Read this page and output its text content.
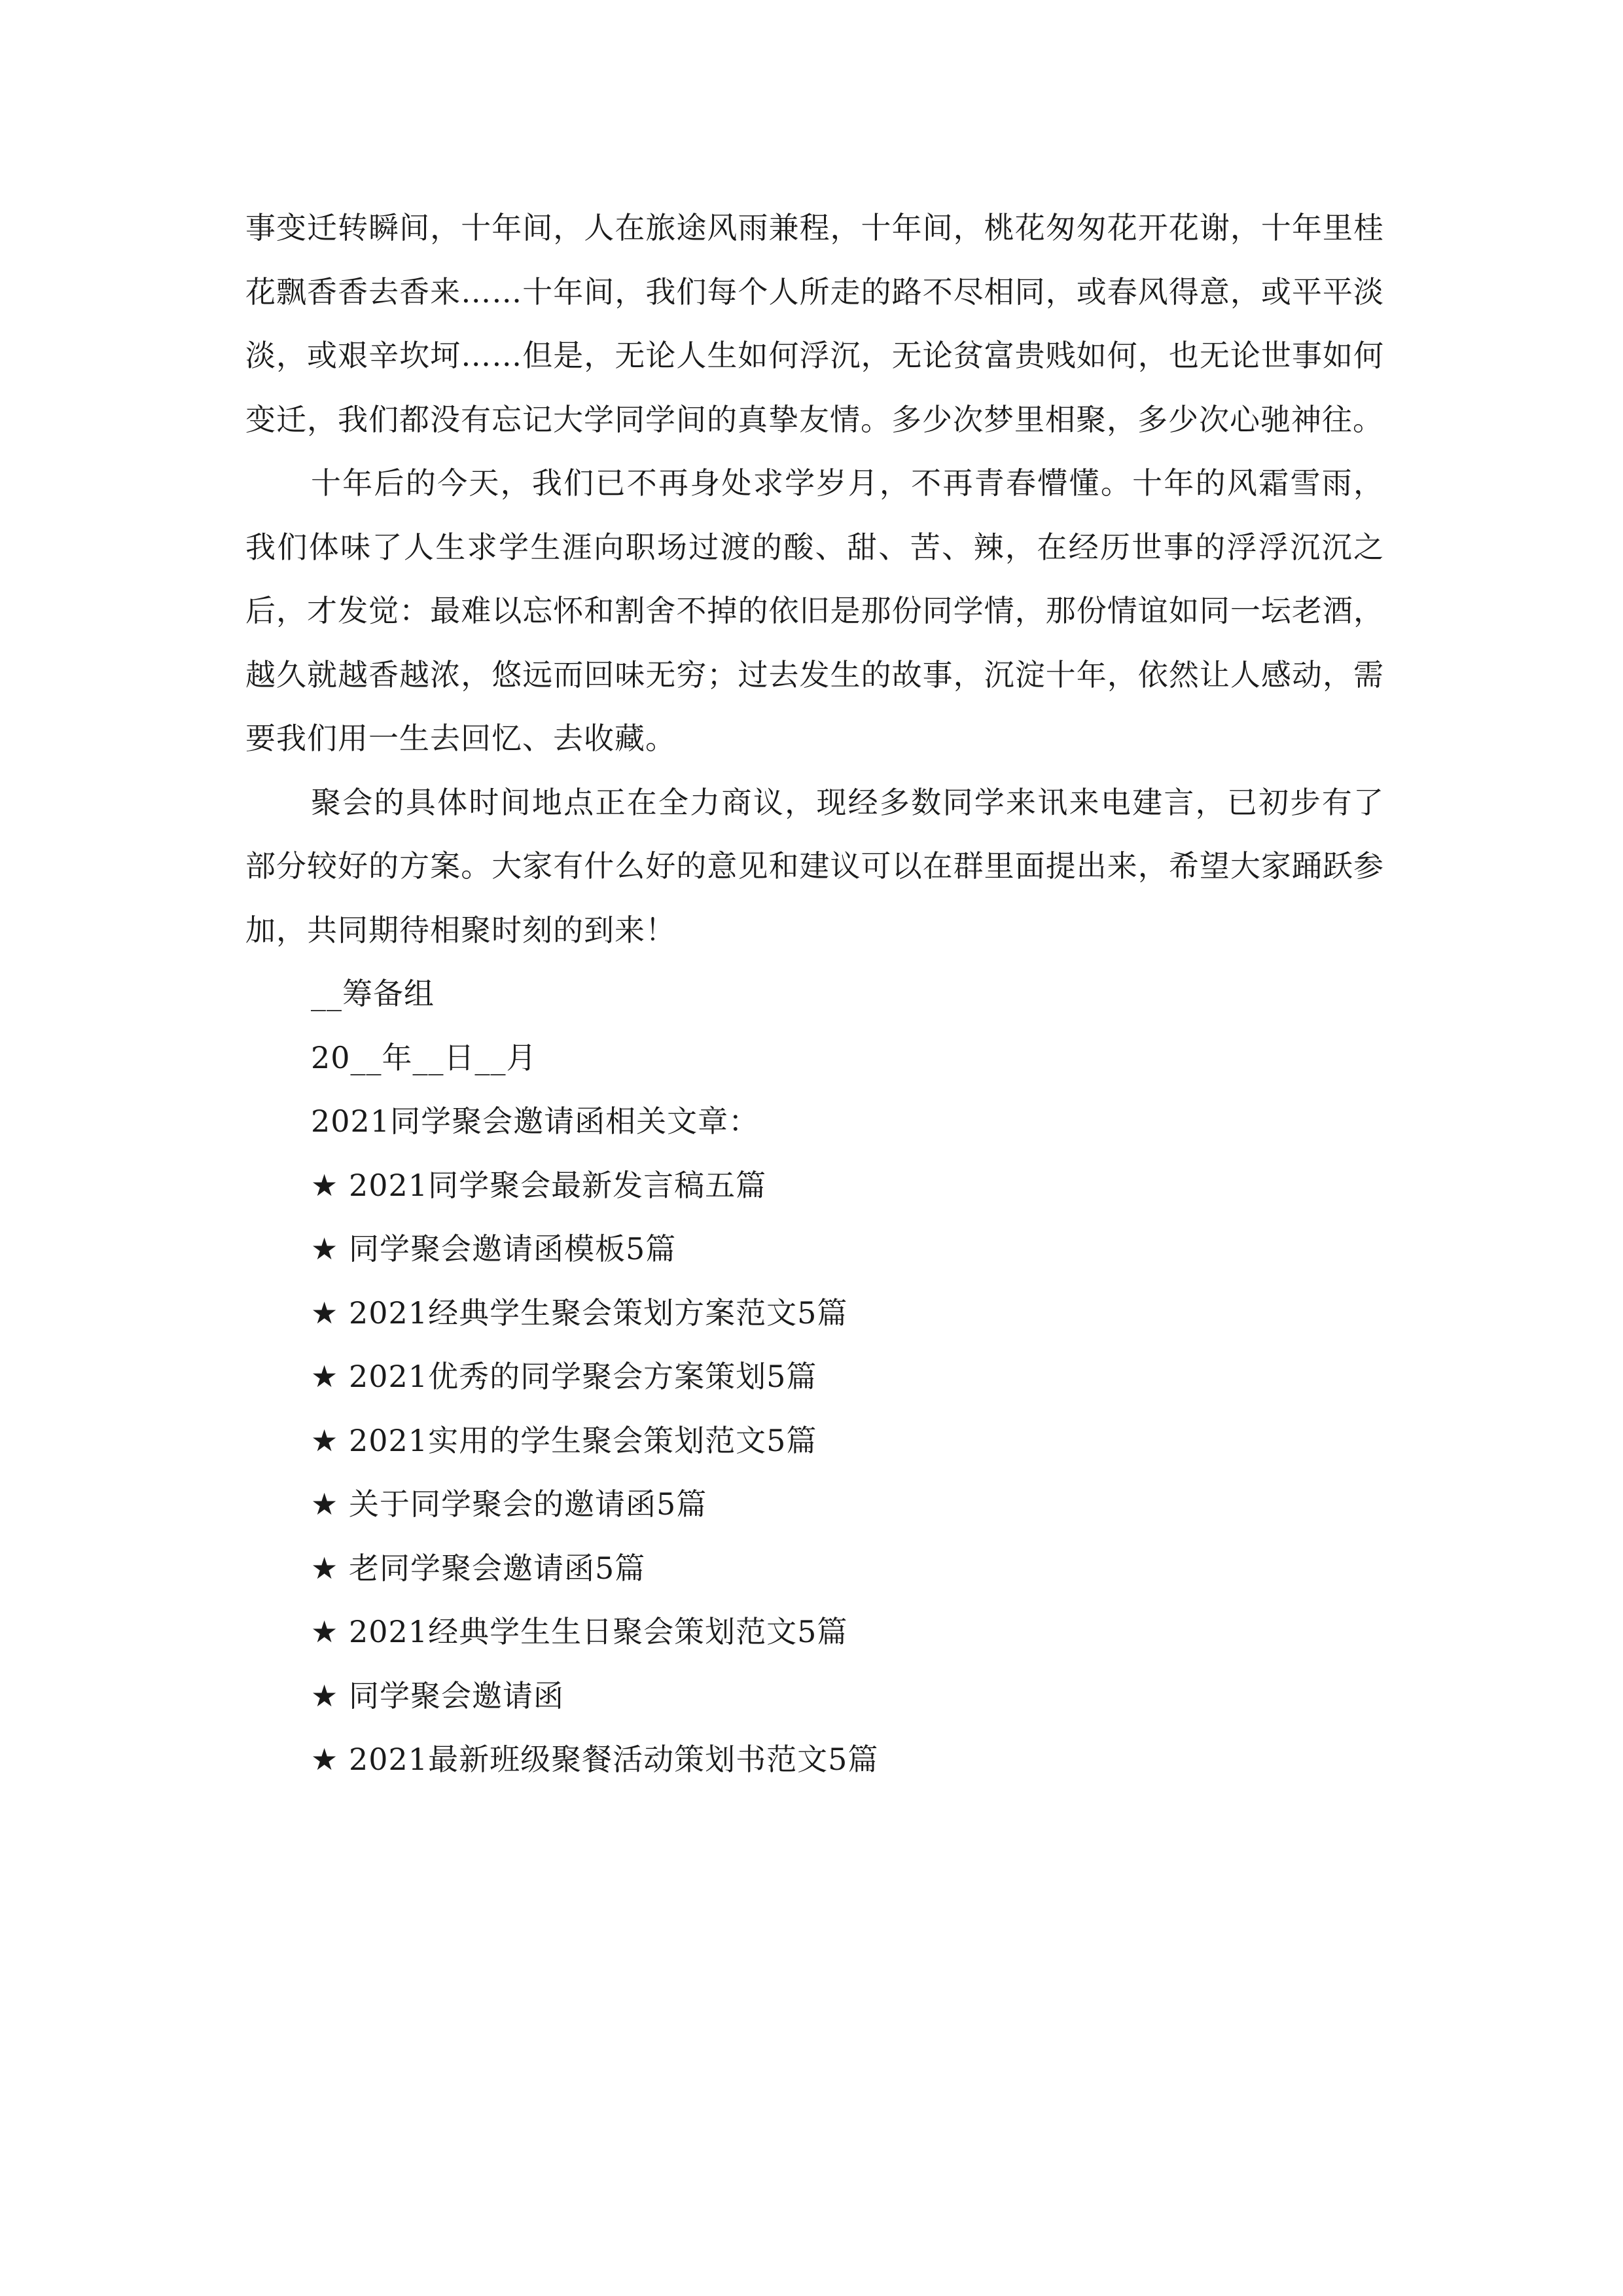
事变迁转瞬间，十年间，人在旅途风雨兼程，十年间，桃花匆匆花开花谢，十年里桂花飘香香去香来……十年间，我们每个人所走的路不尽相同，或春风得意，或平平淡淡，或艰辛坎坷……但是，无论人生如何浮沉，无论贫富贵贱如何，也无论世事如何变迁，我们都没有忘记大学同学间的真挚友情。多少次梦里相聚，多少次心驰神往。

十年后的今天，我们已不再身处求学岁月，不再青春懵懂。十年的风霜雪雨，我们体味了人生求学生涯向职场过渡的酸、甜、苦、辣，在经历世事的浮浮沉沉之后，才发觉：最难以忘怀和割舍不掉的依旧是那份同学情，那份情谊如同一坛老酒，越久就越香越浓，悠远而回味无穷；过去发生的故事，沉淀十年，依然让人感动，需要我们用一生去回忆、去收藏。

聚会的具体时间地点正在全力商议，现经多数同学来讯来电建言，已初步有了部分较好的方案。大家有什么好的意见和建议可以在群里面提出来，希望大家踊跃参加，共同期待相聚时刻的到来！

__筹备组

20__年__日__月

2021同学聚会邀请函相关文章：

★ 2021同学聚会最新发言稿五篇
★ 同学聚会邀请函模板5篇
★ 2021经典学生聚会策划方案范文5篇
★ 2021优秀的同学聚会方案策划5篇
★ 2021实用的学生聚会策划范文5篇
★ 关于同学聚会的邀请函5篇
★ 老同学聚会邀请函5篇
★ 2021经典学生生日聚会策划范文5篇
★ 同学聚会邀请函
★ 2021最新班级聚餐活动策划书范文5篇
